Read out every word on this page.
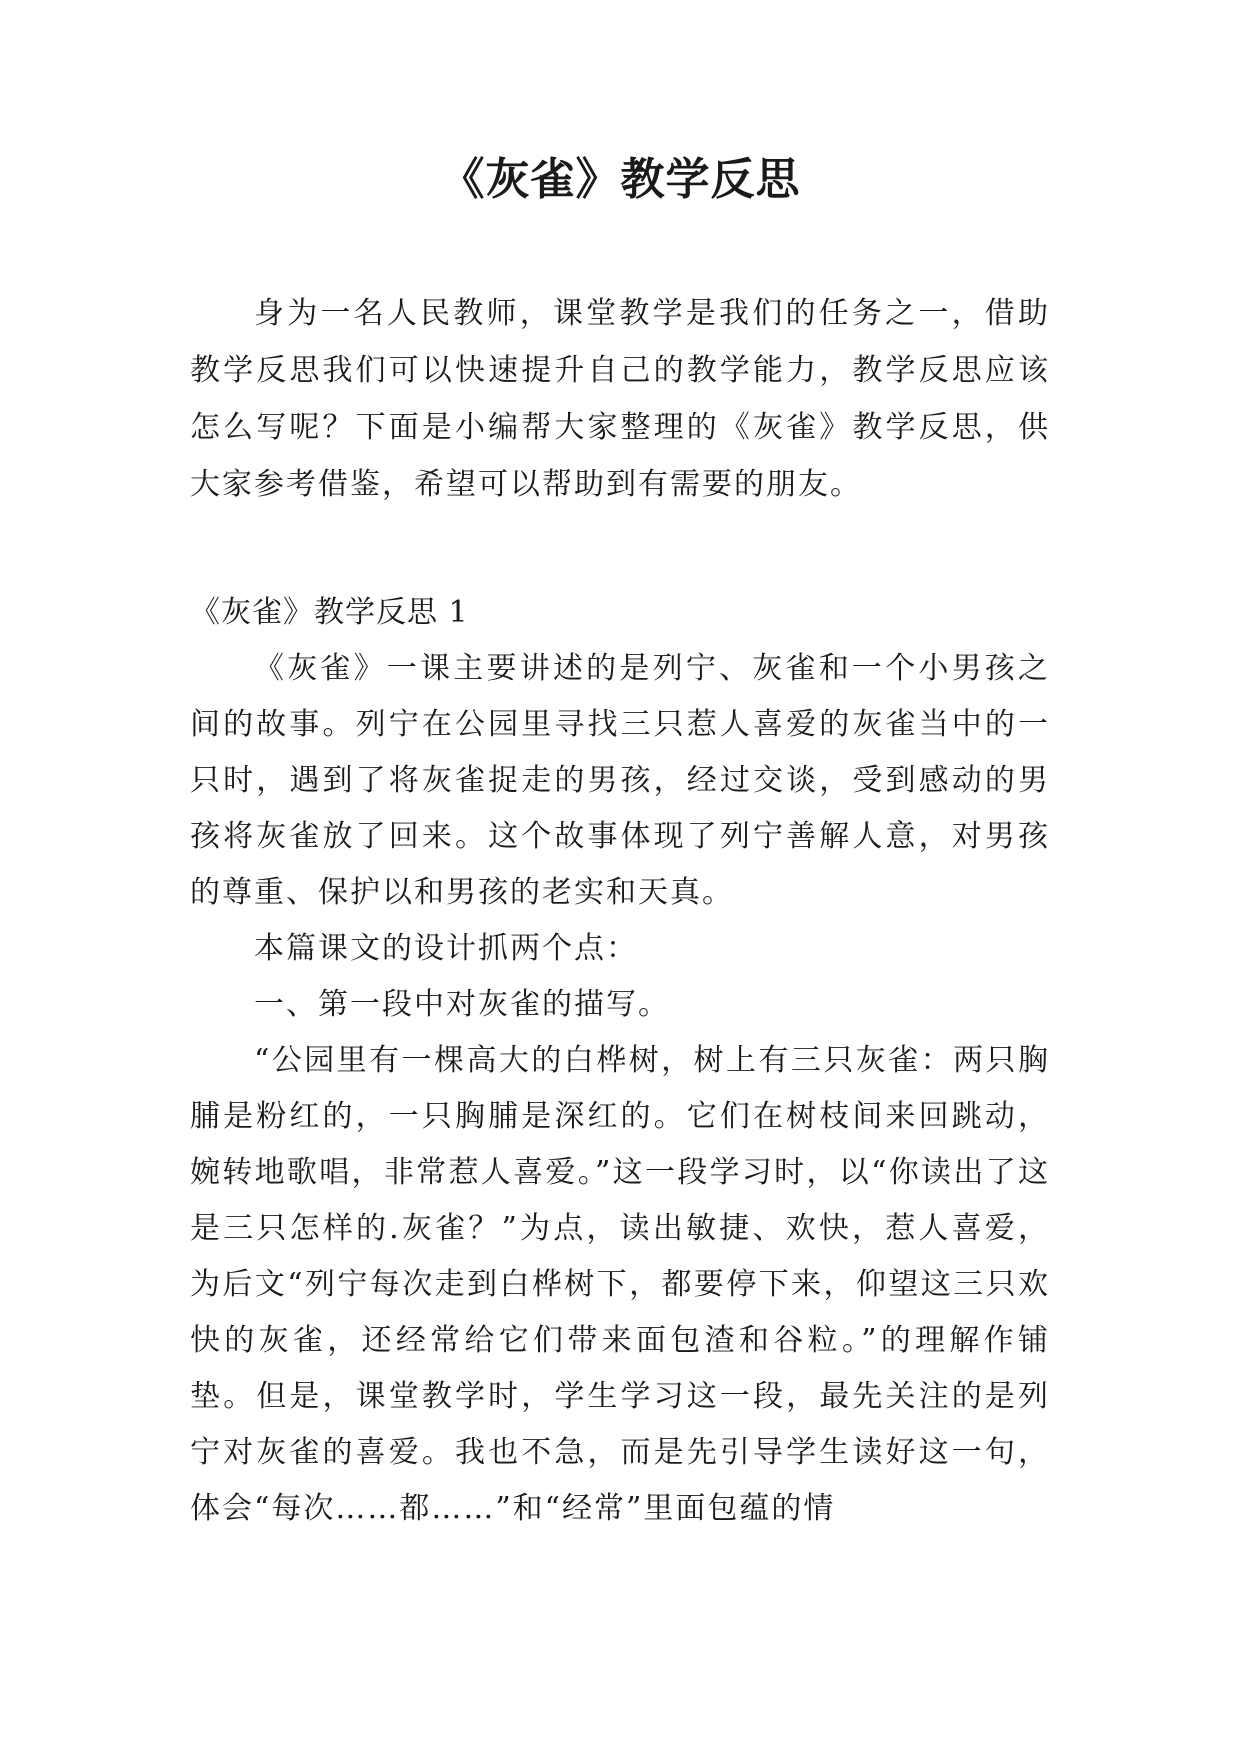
《灰雀》教学反思

身为一名人民教师，课堂教学是我们的任务之一，借助教学反思我们可以快速提升自己的教学能力，教学反思应该怎么写呢？下面是小编帮大家整理的《灰雀》教学反思，供大家参考借鉴，希望可以帮助到有需要的朋友。

《灰雀》教学反思 1

《灰雀》一课主要讲述的是列宁、灰雀和一个小男孩之间的故事。列宁在公园里寻找三只惹人喜爱的灰雀当中的一只时，遇到了将灰雀捉走的男孩，经过交谈，受到感动的男孩将灰雀放了回来。这个故事体现了列宁善解人意，对男孩的尊重、保护以和男孩的老实和天真。

本篇课文的设计抓两个点：

一、第一段中对灰雀的描写。

“公园里有一棵高大的白桦树，树上有三只灰雀：两只胸脯是粉红的，一只胸脯是深红的。它们在树枝间来回跳动，婉转地歌唱，非常惹人喜爱。”这一段学习时，以“你读出了这是三只怎样的.灰雀？”为点，读出敏捷、欢快，惹人喜爱，为后文“列宁每次走到白桦树下，都要停下来，仰望这三只欢快的灰雀，还经常给它们带来面包渣和谷粒。”的理解作铺垫。但是，课堂教学时，学生学习这一段，最先关注的是列宁对灰雀的喜爱。我也不急，而是先引导学生读好这一句，体会“每次……都……”和“经常”里面包蕴的情
